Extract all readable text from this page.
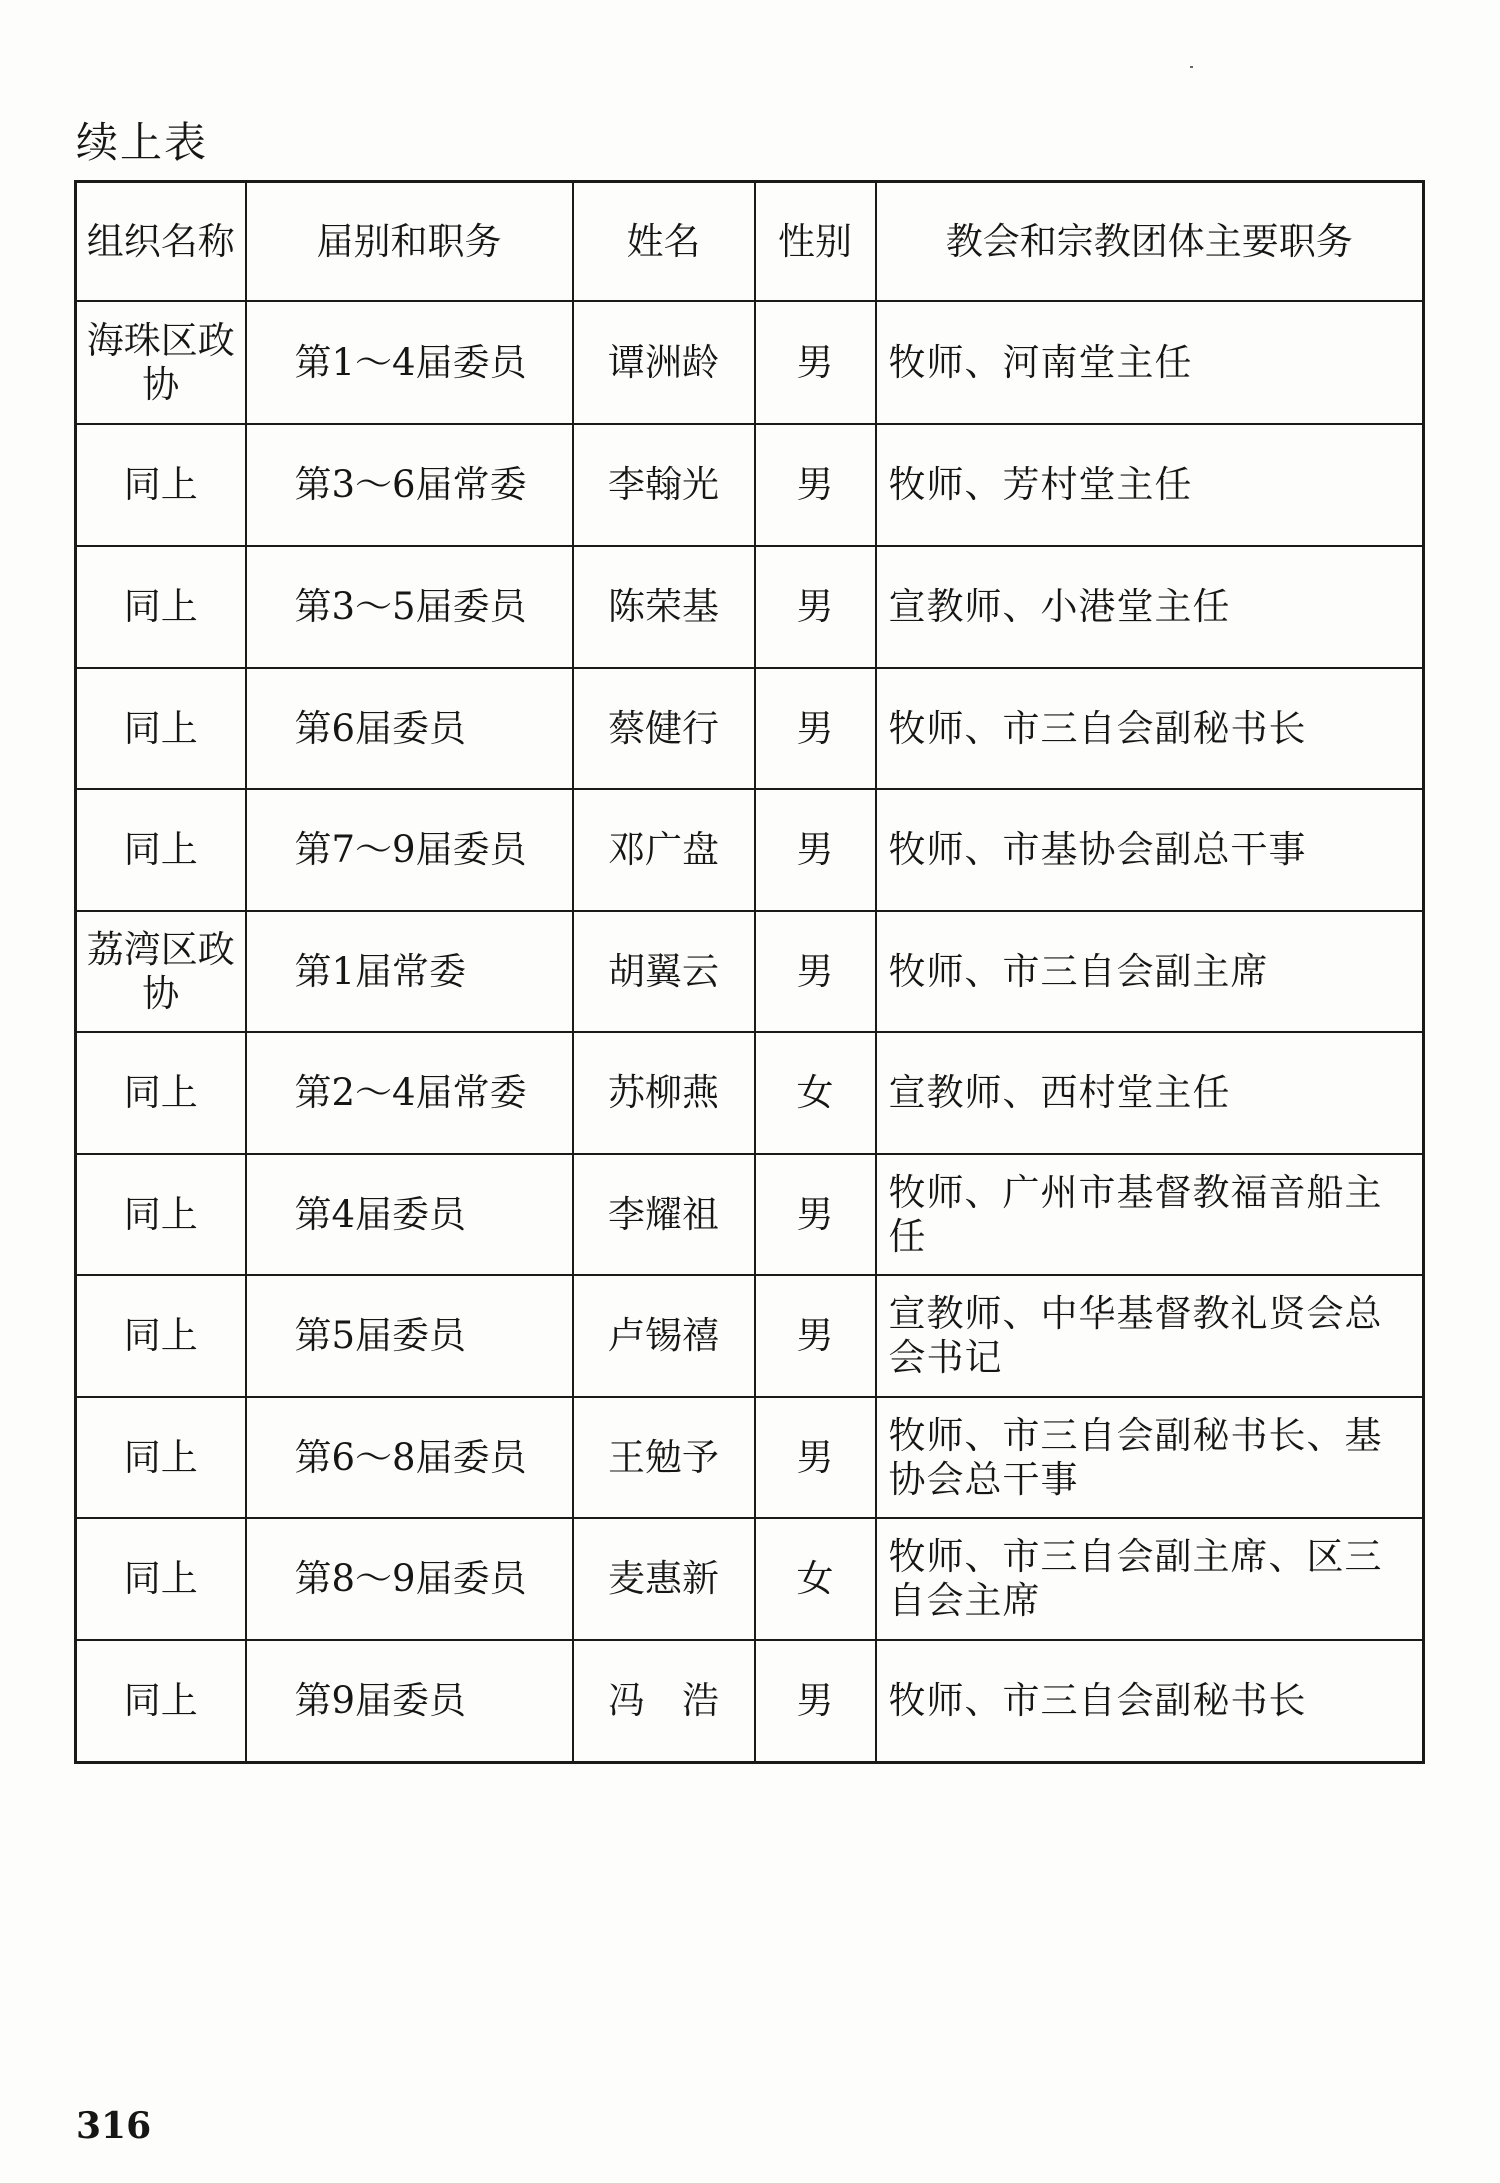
续上表
组织名称	届别和职务	姓名	性别	教会和宗教团体主要职务
海珠区政协	第1～4届委员	谭洲龄	男	牧师、河南堂主任
同上	第3～6届常委	李翰光	男	牧师、芳村堂主任
同上	第3～5届委员	陈荣基	男	宣教师、小港堂主任
同上	第6届委员	蔡健行	男	牧师、市三自会副秘书长
同上	第7～9届委员	邓广盘	男	牧师、市基协会副总干事
荔湾区政协	第1届常委	胡翼云	男	牧师、市三自会副主席
同上	第2～4届常委	苏柳燕	女	宣教师、西村堂主任
同上	第4届委员	李耀祖	男	牧师、广州市基督教福音船主任
同上	第5届委员	卢锡禧	男	宣教师、中华基督教礼贤会总会书记
同上	第6～8届委员	王勉予	男	牧师、市三自会副秘书长、基协会总干事
同上	第8～9届委员	麦惠新	女	牧师、市三自会副主席、区三自会主席
同上	第9届委员	冯　浩	男	牧师、市三自会副秘书长
316
